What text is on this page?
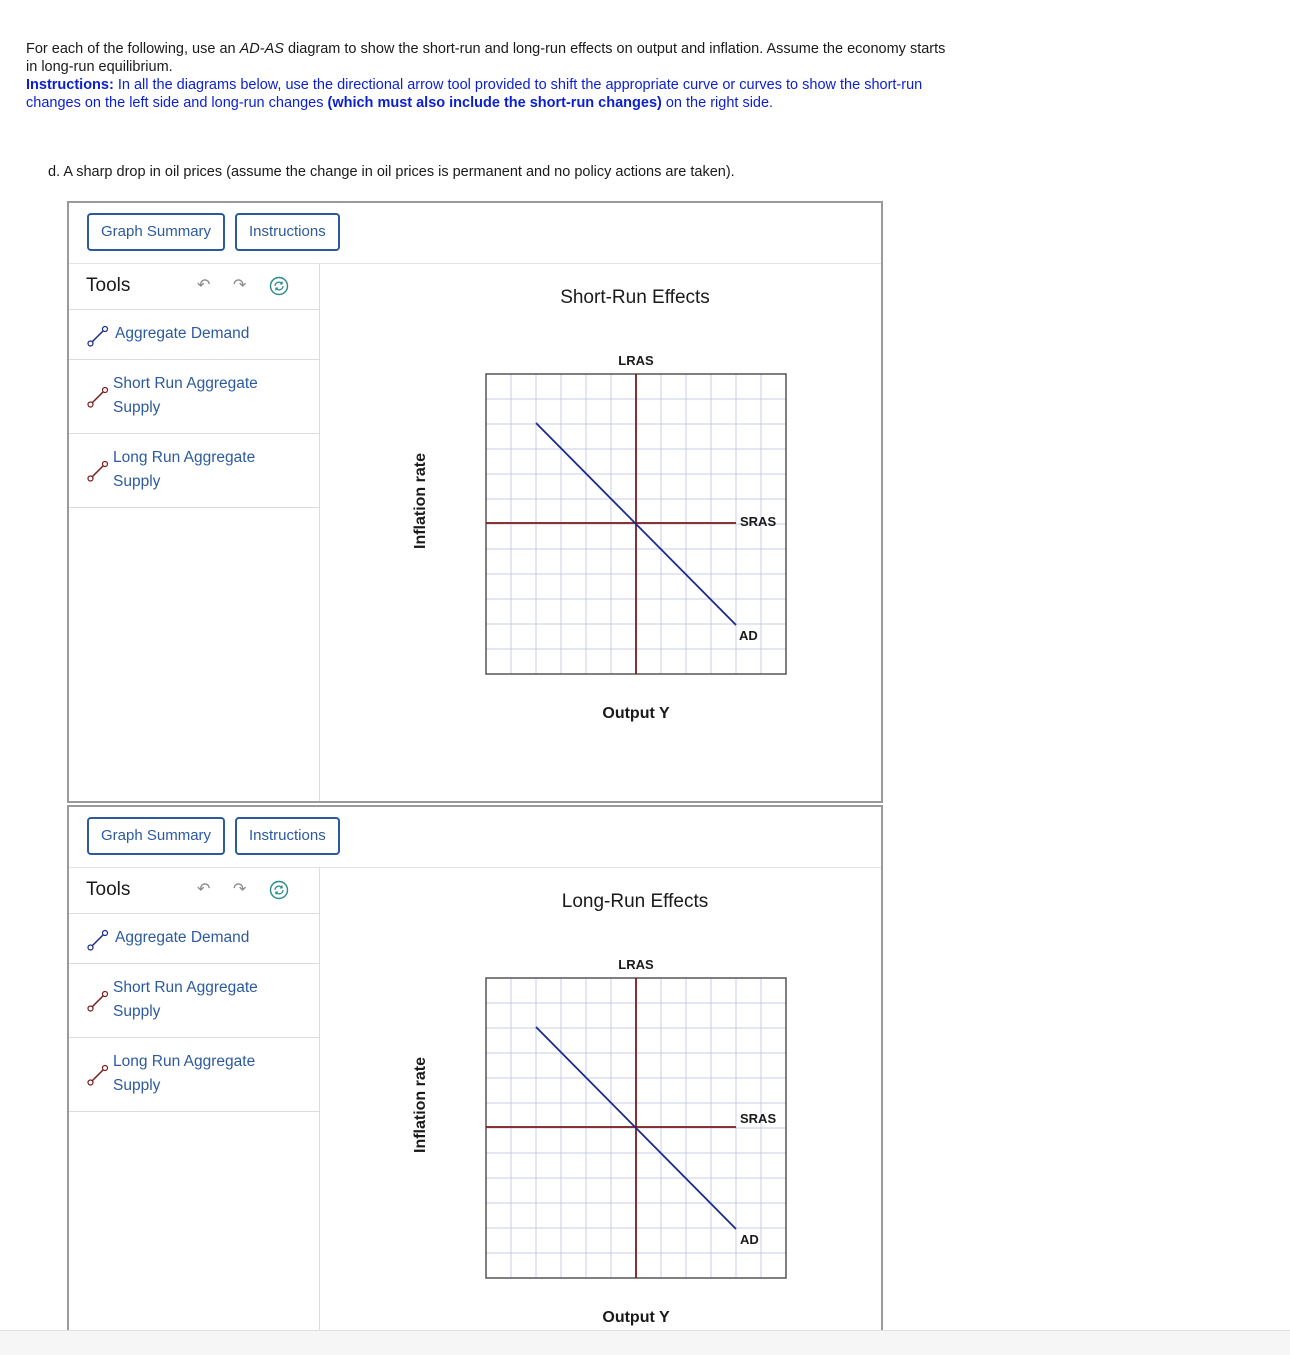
For each of the following, use an AD-AS diagram to show the short-run and long-run effects on output and inflation. Assume the economy starts in long-run equilibrium.

Instructions: In all the diagrams below, use the directional arrow tool provided to shift the appropriate curve or curves to show the short-run changes on the left side and long-run changes (which must also include the short-run changes) on the right side.

d. A sharp drop in oil prices (assume the change in oil prices is permanent and no policy actions are taken).
Graph Summary	Instructions
Tools	↶ ↷
Aggregate Demand
Short Run Aggregate
Supply
Long Run Aggregate
Supply
Short-Run Effects
Inflation rate
LRAS
SRAS
AD
Output Y
Graph Summary	Instructions
Tools	↶ ↷
Aggregate Demand
Short Run Aggregate
Supply
Long Run Aggregate
Supply
Long-Run Effects
Inflation rate
LRAS
SRAS
AD
Output Y
